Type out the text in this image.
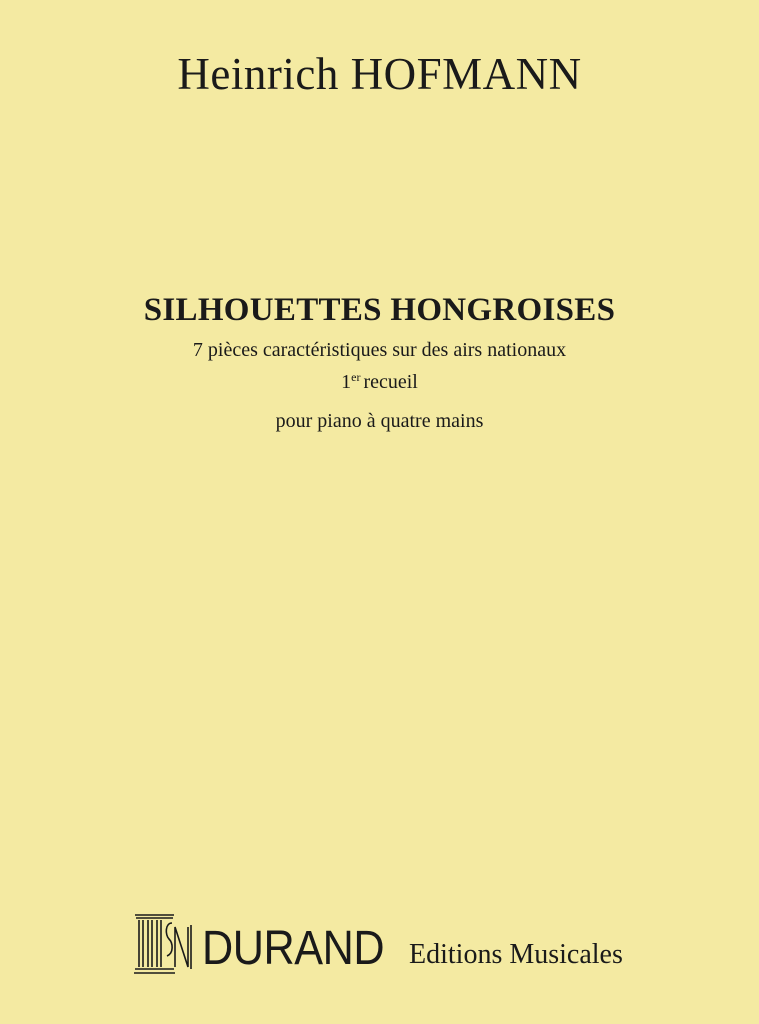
Heinrich HOFMANN
SILHOUETTES HONGROISES
7 pièces caractéristiques sur des airs nationaux
1er recueil
pour piano à quatre mains
DURAND Editions Musicales
